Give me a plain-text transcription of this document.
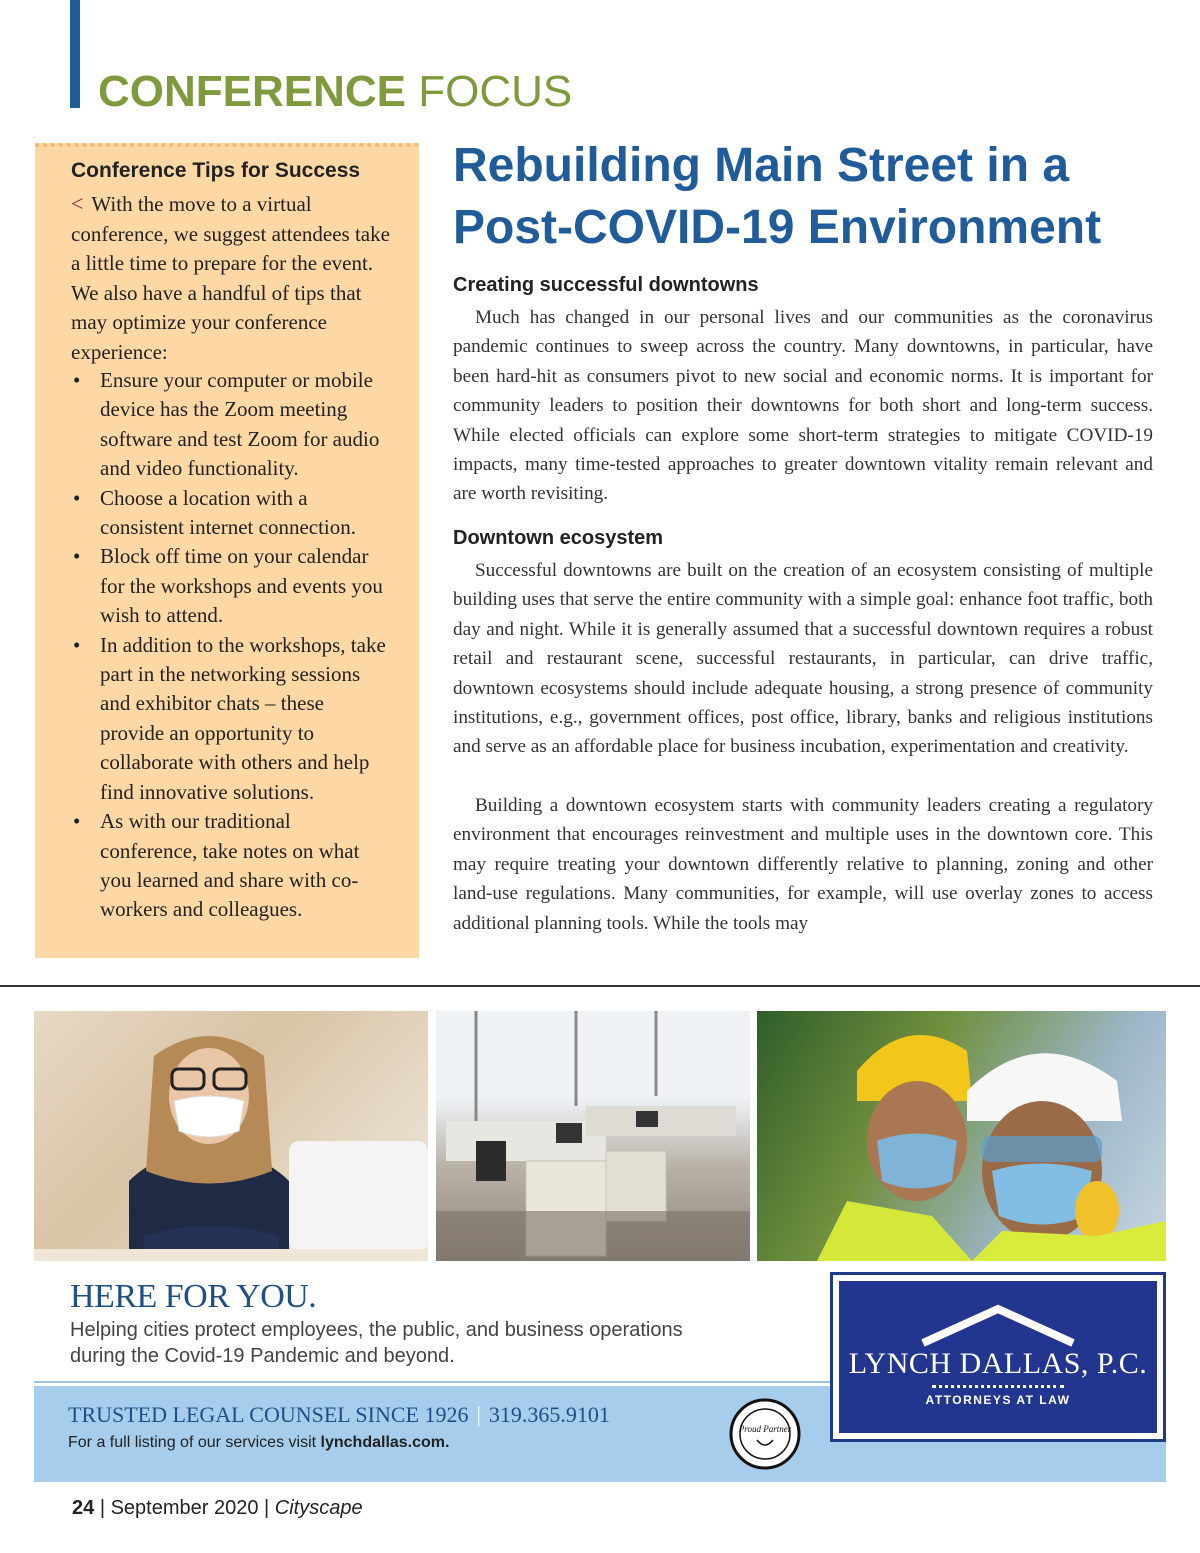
CONFERENCE FOCUS
Conference Tips for Success
< With the move to a virtual conference, we suggest attendees take a little time to prepare for the event. We also have a handful of tips that may optimize your conference experience:
• Ensure your computer or mobile device has the Zoom meeting software and test Zoom for audio and video functionality.
• Choose a location with a consistent internet connection.
• Block off time on your calendar for the workshops and events you wish to attend.
• In addition to the workshops, take part in the networking sessions and exhibitor chats – these provide an opportunity to collaborate with others and help find innovative solutions.
• As with our traditional conference, take notes on what you learned and share with co-workers and colleagues.
Rebuilding Main Street in a Post-COVID-19 Environment
Creating successful downtowns
Much has changed in our personal lives and our communities as the coronavirus pandemic continues to sweep across the country. Many downtowns, in particular, have been hard-hit as consumers pivot to new social and economic norms. It is important for community leaders to position their downtowns for both short and long-term success. While elected officials can explore some short-term strategies to mitigate COVID-19 impacts, many time-tested approaches to greater downtown vitality remain relevant and are worth revisiting.
Downtown ecosystem
Successful downtowns are built on the creation of an ecosystem consisting of multiple building uses that serve the entire community with a simple goal: enhance foot traffic, both day and night. While it is generally assumed that a successful downtown requires a robust retail and restaurant scene, successful restaurants, in particular, can drive traffic, downtown ecosystems should include adequate housing, a strong presence of community institutions, e.g., government offices, post office, library, banks and religious institutions and serve as an affordable place for business incubation, experimentation and creativity.
Building a downtown ecosystem starts with community leaders creating a regulatory environment that encourages reinvestment and multiple uses in the downtown core. This may require treating your downtown differently relative to planning, zoning and other land-use regulations. Many communities, for example, will use overlay zones to access additional planning tools. While the tools may
HERE FOR YOU.
Helping cities protect employees, the public, and business operations during the Covid-19 Pandemic and beyond.
TRUSTED LEGAL COUNSEL SINCE 1926 | 319.365.9101
For a full listing of our services visit lynchdallas.com.
Proud Partner
LYNCH DALLAS, P.C.
ATTORNEYS AT LAW
24 | September 2020 | Cityscape
